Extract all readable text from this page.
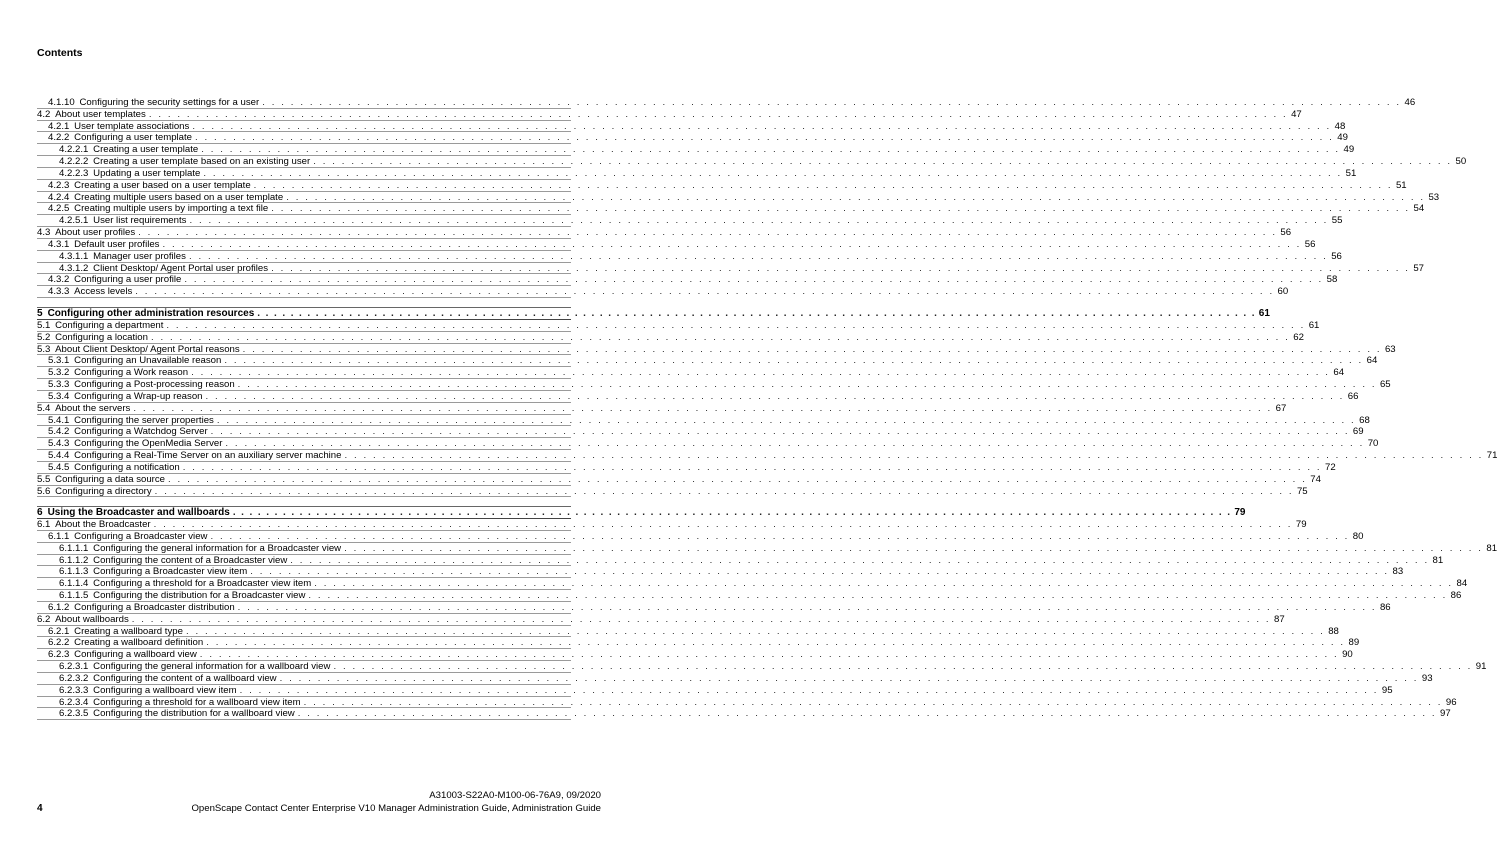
Contents
4.1.10  Configuring the security settings for a user . . . . . . . . . . . . . . . . . . . . . . . . . . . . . . . . . . . . . . . . . . . . . . . . . . . . . . . . . . . . . . . . . . . . . . . . . . . . . . . . . . . . . . . . . . . . . . . . . . . . . . . . . . . . . . . . . . . . . . . . 46
4.2  About user templates . . . . . . . . . . . . . . . . . . . . . . . . . . . . . . . . . . . . . . . . . . . . . . . . . . . . . . . . . . . . . . . . . . . . . . . . . . . . . . . . . . . . . . . . . . . . . . . . . . . . . . . . . . . . . . . . . . . . . . . . 47
4.2.1  User template associations . . . . . . . . . . . . . . . . . . . . . . . . . . . . . . . . . . . . . . . . . . . . . . . . . . . . . . . . . . . . . . . . . . . . . . . . . . . . . . . . . . . . . . . . . . . . . . . . . . . . . . . . . . . . . . . . . . . . . . . . 48
4.2.2  Configuring a user template . . . . . . . . . . . . . . . . . . . . . . . . . . . . . . . . . . . . . . . . . . . . . . . . . . . . . . . . . . . . . . . . . . . . . . . . . . . . . . . . . . . . . . . . . . . . . . . . . . . . . . . . . . . . . . . . . . . . . . . . 49
4.2.2.1  Creating a user template . . . . . . . . . . . . . . . . . . . . . . . . . . . . . . . . . . . . . . . . . . . . . . . . . . . . . . . . . . . . . . . . . . . . . . . . . . . . . . . . . . . . . . . . . . . . . . . . . . . . . . . . . . . . . . . . . . . . . . . . 49
4.2.2.2  Creating a user template based on an existing user . . . . . . . . . . . . . . . . . . . . . . . . . . . . . . . . . . . . . . . . . . . . . . . . . . . . . . . . . . . . . . . . . . . . . . . . . . . . . . . . . . . . . . . . . . . . . . . . . . . . . . . . . . . . . . . . . . . . . . . . 50
4.2.2.3  Updating a user template . . . . . . . . . . . . . . . . . . . . . . . . . . . . . . . . . . . . . . . . . . . . . . . . . . . . . . . . . . . . . . . . . . . . . . . . . . . . . . . . . . . . . . . . . . . . . . . . . . . . . . . . . . . . . . . . . . . . . . . . 51
4.2.3  Creating a user based on a user template . . . . . . . . . . . . . . . . . . . . . . . . . . . . . . . . . . . . . . . . . . . . . . . . . . . . . . . . . . . . . . . . . . . . . . . . . . . . . . . . . . . . . . . . . . . . . . . . . . . . . . . . . . . . . . . . . . . . . . . . 51
4.2.4  Creating multiple users based on a user template . . . . . . . . . . . . . . . . . . . . . . . . . . . . . . . . . . . . . . . . . . . . . . . . . . . . . . . . . . . . . . . . . . . . . . . . . . . . . . . . . . . . . . . . . . . . . . . . . . . . . . . . . . . . . . . . . . . . . . . . 53
4.2.5  Creating multiple users by importing a text file . . . . . . . . . . . . . . . . . . . . . . . . . . . . . . . . . . . . . . . . . . . . . . . . . . . . . . . . . . . . . . . . . . . . . . . . . . . . . . . . . . . . . . . . . . . . . . . . . . . . . . . . . . . . . . . . . . . . . . . . 54
4.2.5.1  User list requirements . . . . . . . . . . . . . . . . . . . . . . . . . . . . . . . . . . . . . . . . . . . . . . . . . . . . . . . . . . . . . . . . . . . . . . . . . . . . . . . . . . . . . . . . . . . . . . . . . . . . . . . . . . . . . . . . . . . . . . . . 55
4.3  About user profiles . . . . . . . . . . . . . . . . . . . . . . . . . . . . . . . . . . . . . . . . . . . . . . . . . . . . . . . . . . . . . . . . . . . . . . . . . . . . . . . . . . . . . . . . . . . . . . . . . . . . . . . . . . . . . . . . . . . . . . . . 56
4.3.1  Default user profiles . . . . . . . . . . . . . . . . . . . . . . . . . . . . . . . . . . . . . . . . . . . . . . . . . . . . . . . . . . . . . . . . . . . . . . . . . . . . . . . . . . . . . . . . . . . . . . . . . . . . . . . . . . . . . . . . . . . . . . . . 56
4.3.1.1  Manager user profiles . . . . . . . . . . . . . . . . . . . . . . . . . . . . . . . . . . . . . . . . . . . . . . . . . . . . . . . . . . . . . . . . . . . . . . . . . . . . . . . . . . . . . . . . . . . . . . . . . . . . . . . . . . . . . . . . . . . . . . . . 56
4.3.1.2  Client Desktop/ Agent Portal user profiles . . . . . . . . . . . . . . . . . . . . . . . . . . . . . . . . . . . . . . . . . . . . . . . . . . . . . . . . . . . . . . . . . . . . . . . . . . . . . . . . . . . . . . . . . . . . . . . . . . . . . . . . . . . . . . . . . . . . . . . . 57
4.3.2  Configuring a user profile . . . . . . . . . . . . . . . . . . . . . . . . . . . . . . . . . . . . . . . . . . . . . . . . . . . . . . . . . . . . . . . . . . . . . . . . . . . . . . . . . . . . . . . . . . . . . . . . . . . . . . . . . . . . . . . . . . . . . . . . 58
4.3.3  Access levels . . . . . . . . . . . . . . . . . . . . . . . . . . . . . . . . . . . . . . . . . . . . . . . . . . . . . . . . . . . . . . . . . . . . . . . . . . . . . . . . . . . . . . . . . . . . . . . . . . . . . . . . . . . . . . . . . . . . . . . . 60
5  Configuring other administration resources . . . . . . . . . . . . . . . . . . . . . . . . . . . . . . . . . . . . . . . . . . . . . . . . . . . . . . . . . . . . . . . . . . . . . . . . . . . . . . . . . . . . . . . . . . . . . . . . . . . . . . . . . . . . . . . . . . . . . . . . 61
5.1  Configuring a department . . . . . . . . . . . . . . . . . . . . . . . . . . . . . . . . . . . . . . . . . . . . . . . . . . . . . . . . . . . . . . . . . . . . . . . . . . . . . . . . . . . . . . . . . . . . . . . . . . . . . . . . . . . . . . . . . . . . . . . . 61
5.2  Configuring a location . . . . . . . . . . . . . . . . . . . . . . . . . . . . . . . . . . . . . . . . . . . . . . . . . . . . . . . . . . . . . . . . . . . . . . . . . . . . . . . . . . . . . . . . . . . . . . . . . . . . . . . . . . . . . . . . . . . . . . . . 62
5.3  About Client Desktop/ Agent Portal reasons . . . . . . . . . . . . . . . . . . . . . . . . . . . . . . . . . . . . . . . . . . . . . . . . . . . . . . . . . . . . . . . . . . . . . . . . . . . . . . . . . . . . . . . . . . . . . . . . . . . . . . . . . . . . . . . . . . . . . . . . 63
5.3.1  Configuring an Unavailable reason . . . . . . . . . . . . . . . . . . . . . . . . . . . . . . . . . . . . . . . . . . . . . . . . . . . . . . . . . . . . . . . . . . . . . . . . . . . . . . . . . . . . . . . . . . . . . . . . . . . . . . . . . . . . . . . . . . . . . . . . 64
5.3.2  Configuring a Work reason . . . . . . . . . . . . . . . . . . . . . . . . . . . . . . . . . . . . . . . . . . . . . . . . . . . . . . . . . . . . . . . . . . . . . . . . . . . . . . . . . . . . . . . . . . . . . . . . . . . . . . . . . . . . . . . . . . . . . . . . 64
5.3.3  Configuring a Post-processing reason . . . . . . . . . . . . . . . . . . . . . . . . . . . . . . . . . . . . . . . . . . . . . . . . . . . . . . . . . . . . . . . . . . . . . . . . . . . . . . . . . . . . . . . . . . . . . . . . . . . . . . . . . . . . . . . . . . . . . . . . 65
5.3.4  Configuring a Wrap-up reason . . . . . . . . . . . . . . . . . . . . . . . . . . . . . . . . . . . . . . . . . . . . . . . . . . . . . . . . . . . . . . . . . . . . . . . . . . . . . . . . . . . . . . . . . . . . . . . . . . . . . . . . . . . . . . . . . . . . . . . . 66
5.4  About the servers . . . . . . . . . . . . . . . . . . . . . . . . . . . . . . . . . . . . . . . . . . . . . . . . . . . . . . . . . . . . . . . . . . . . . . . . . . . . . . . . . . . . . . . . . . . . . . . . . . . . . . . . . . . . . . . . . . . . . . . . 67
5.4.1  Configuring the server properties . . . . . . . . . . . . . . . . . . . . . . . . . . . . . . . . . . . . . . . . . . . . . . . . . . . . . . . . . . . . . . . . . . . . . . . . . . . . . . . . . . . . . . . . . . . . . . . . . . . . . . . . . . . . . . . . . . . . . . . . 68
5.4.2  Configuring a Watchdog Server . . . . . . . . . . . . . . . . . . . . . . . . . . . . . . . . . . . . . . . . . . . . . . . . . . . . . . . . . . . . . . . . . . . . . . . . . . . . . . . . . . . . . . . . . . . . . . . . . . . . . . . . . . . . . . . . . . . . . . . . 69
5.4.3  Configuring the OpenMedia Server . . . . . . . . . . . . . . . . . . . . . . . . . . . . . . . . . . . . . . . . . . . . . . . . . . . . . . . . . . . . . . . . . . . . . . . . . . . . . . . . . . . . . . . . . . . . . . . . . . . . . . . . . . . . . . . . . . . . . . . . 70
5.4.4  Configuring a Real-Time Server on an auxiliary server machine . . . . . . . . . . . . . . . . . . . . . . . . . . . . . . . . . . . . . . . . . . . . . . . . . . . . . . . . . . . . . . . . . . . . . . . . . . . . . . . . . . . . . . . . . . . . . . . . . . . . . . . . . . . . . . . . . . . . . . . . 71
5.4.5  Configuring a notification . . . . . . . . . . . . . . . . . . . . . . . . . . . . . . . . . . . . . . . . . . . . . . . . . . . . . . . . . . . . . . . . . . . . . . . . . . . . . . . . . . . . . . . . . . . . . . . . . . . . . . . . . . . . . . . . . . . . . . . . 72
5.5  Configuring a data source . . . . . . . . . . . . . . . . . . . . . . . . . . . . . . . . . . . . . . . . . . . . . . . . . . . . . . . . . . . . . . . . . . . . . . . . . . . . . . . . . . . . . . . . . . . . . . . . . . . . . . . . . . . . . . . . . . . . . . . . 74
5.6  Configuring a directory . . . . . . . . . . . . . . . . . . . . . . . . . . . . . . . . . . . . . . . . . . . . . . . . . . . . . . . . . . . . . . . . . . . . . . . . . . . . . . . . . . . . . . . . . . . . . . . . . . . . . . . . . . . . . . . . . . . . . . . . 75
6  Using the Broadcaster and wallboards . . . . . . . . . . . . . . . . . . . . . . . . . . . . . . . . . . . . . . . . . . . . . . . . . . . . . . . . . . . . . . . . . . . . . . . . . . . . . . . . . . . . . . . . . . . . . . . . . . . . . . . . . . . . . . . . . . . . . . . . 79
6.1  About the Broadcaster . . . . . . . . . . . . . . . . . . . . . . . . . . . . . . . . . . . . . . . . . . . . . . . . . . . . . . . . . . . . . . . . . . . . . . . . . . . . . . . . . . . . . . . . . . . . . . . . . . . . . . . . . . . . . . . . . . . . . . . . 79
6.1.1  Configuring a Broadcaster view . . . . . . . . . . . . . . . . . . . . . . . . . . . . . . . . . . . . . . . . . . . . . . . . . . . . . . . . . . . . . . . . . . . . . . . . . . . . . . . . . . . . . . . . . . . . . . . . . . . . . . . . . . . . . . . . . . . . . . . . 80
6.1.1.1  Configuring the general information for a Broadcaster view . . . . . . . . . . . . . . . . . . . . . . . . . . . . . . . . . . . . . . . . . . . . . . . . . . . . . . . . . . . . . . . . . . . . . . . . . . . . . . . . . . . . . . . . . . . . . . . . . . . . . . . . . . . . . . . . . . . . . . . . 81
6.1.1.2  Configuring the content of a Broadcaster view . . . . . . . . . . . . . . . . . . . . . . . . . . . . . . . . . . . . . . . . . . . . . . . . . . . . . . . . . . . . . . . . . . . . . . . . . . . . . . . . . . . . . . . . . . . . . . . . . . . . . . . . . . . . . . . . . . . . . . . . 81
6.1.1.3  Configuring a Broadcaster view item . . . . . . . . . . . . . . . . . . . . . . . . . . . . . . . . . . . . . . . . . . . . . . . . . . . . . . . . . . . . . . . . . . . . . . . . . . . . . . . . . . . . . . . . . . . . . . . . . . . . . . . . . . . . . . . . . . . . . . . . 83
6.1.1.4  Configuring a threshold for a Broadcaster view item . . . . . . . . . . . . . . . . . . . . . . . . . . . . . . . . . . . . . . . . . . . . . . . . . . . . . . . . . . . . . . . . . . . . . . . . . . . . . . . . . . . . . . . . . . . . . . . . . . . . . . . . . . . . . . . . . . . . . . . . 84
6.1.1.5  Configuring the distribution for a Broadcaster view . . . . . . . . . . . . . . . . . . . . . . . . . . . . . . . . . . . . . . . . . . . . . . . . . . . . . . . . . . . . . . . . . . . . . . . . . . . . . . . . . . . . . . . . . . . . . . . . . . . . . . . . . . . . . . . . . . . . . . . . 86
6.1.2  Configuring a Broadcaster distribution . . . . . . . . . . . . . . . . . . . . . . . . . . . . . . . . . . . . . . . . . . . . . . . . . . . . . . . . . . . . . . . . . . . . . . . . . . . . . . . . . . . . . . . . . . . . . . . . . . . . . . . . . . . . . . . . . . . . . . . . 86
6.2  About wallboards . . . . . . . . . . . . . . . . . . . . . . . . . . . . . . . . . . . . . . . . . . . . . . . . . . . . . . . . . . . . . . . . . . . . . . . . . . . . . . . . . . . . . . . . . . . . . . . . . . . . . . . . . . . . . . . . . . . . . . . . 87
6.2.1  Creating a wallboard type . . . . . . . . . . . . . . . . . . . . . . . . . . . . . . . . . . . . . . . . . . . . . . . . . . . . . . . . . . . . . . . . . . . . . . . . . . . . . . . . . . . . . . . . . . . . . . . . . . . . . . . . . . . . . . . . . . . . . . . . 88
6.2.2  Creating a wallboard definition . . . . . . . . . . . . . . . . . . . . . . . . . . . . . . . . . . . . . . . . . . . . . . . . . . . . . . . . . . . . . . . . . . . . . . . . . . . . . . . . . . . . . . . . . . . . . . . . . . . . . . . . . . . . . . . . . . . . . . . . 89
6.2.3  Configuring a wallboard view . . . . . . . . . . . . . . . . . . . . . . . . . . . . . . . . . . . . . . . . . . . . . . . . . . . . . . . . . . . . . . . . . . . . . . . . . . . . . . . . . . . . . . . . . . . . . . . . . . . . . . . . . . . . . . . . . . . . . . . . 90
6.2.3.1  Configuring the general information for a wallboard view . . . . . . . . . . . . . . . . . . . . . . . . . . . . . . . . . . . . . . . . . . . . . . . . . . . . . . . . . . . . . . . . . . . . . . . . . . . . . . . . . . . . . . . . . . . . . . . . . . . . . . . . . . . . . . . . . . . . . . . . 91
6.2.3.2  Configuring the content of a wallboard view . . . . . . . . . . . . . . . . . . . . . . . . . . . . . . . . . . . . . . . . . . . . . . . . . . . . . . . . . . . . . . . . . . . . . . . . . . . . . . . . . . . . . . . . . . . . . . . . . . . . . . . . . . . . . . . . . . . . . . . . 93
6.2.3.3  Configuring a wallboard view item . . . . . . . . . . . . . . . . . . . . . . . . . . . . . . . . . . . . . . . . . . . . . . . . . . . . . . . . . . . . . . . . . . . . . . . . . . . . . . . . . . . . . . . . . . . . . . . . . . . . . . . . . . . . . . . . . . . . . . . . 95
6.2.3.4  Configuring a threshold for a wallboard view item . . . . . . . . . . . . . . . . . . . . . . . . . . . . . . . . . . . . . . . . . . . . . . . . . . . . . . . . . . . . . . . . . . . . . . . . . . . . . . . . . . . . . . . . . . . . . . . . . . . . . . . . . . . . . . . . . . . . . . . . 96
6.2.3.5  Configuring the distribution for a wallboard view . . . . . . . . . . . . . . . . . . . . . . . . . . . . . . . . . . . . . . . . . . . . . . . . . . . . . . . . . . . . . . . . . . . . . . . . . . . . . . . . . . . . . . . . . . . . . . . . . . . . . . . . . . . . . . . . . . . . . . . . 97
A31003-S22A0-M100-06-76A9, 09/2020
4	OpenScape Contact Center Enterprise V10 Manager Administration Guide, Administration Guide
